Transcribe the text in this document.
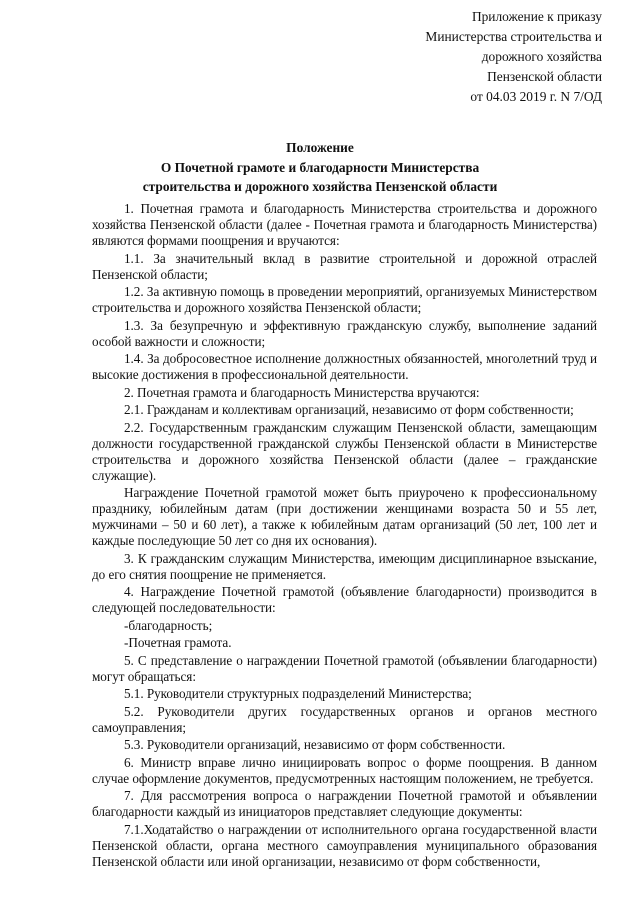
Приложение к приказу
Министерства строительства и
дорожного хозяйства
Пензенской области
от 04.03 2019 г. N 7/ОД
Положение
О Почетной грамоте и благодарности Министерства
строительства и дорожного хозяйства Пензенской области

1. Почетная грамота и благодарность Министерства строительства и дорожного хозяйства Пензенской области (далее - Почетная грамота и благодарность Министерства) являются формами поощрения и вручаются:

1.1. За значительный вклад в развитие строительной и дорожной отраслей Пензенской области;

1.2. За активную помощь в проведении мероприятий, организуемых Министерством строительства и дорожного хозяйства Пензенской области;

1.3. За безупречную и эффективную гражданскую службу, выполнение заданий особой важности и сложности;

1.4. За добросовестное исполнение должностных обязанностей, многолетний труд и высокие достижения в профессиональной деятельности.

2. Почетная грамота и благодарность Министерства вручаются:

2.1. Гражданам и коллективам организаций, независимо от форм собственности;

2.2. Государственным гражданским служащим Пензенской области, замещающим должности государственной гражданской службы Пензенской области в Министерстве строительства и дорожного хозяйства Пензенской области (далее – гражданские служащие).

Награждение Почетной грамотой может быть приурочено к профессиональному празднику, юбилейным датам (при достижении женщинами возраста 50 и 55 лет, мужчинами – 50 и 60 лет), а также к юбилейным датам организаций (50 лет, 100 лет и каждые последующие 50 лет со дня их основания).

3. К гражданским служащим Министерства, имеющим дисциплинарное взыскание, до его снятия поощрение не применяется.

4. Награждение Почетной грамотой (объявление благодарности) производится в следующей последовательности:

-благодарность;

-Почетная грамота.

5. С представление о награждении Почетной грамотой (объявлении благодарности) могут обращаться:

5.1. Руководители структурных подразделений Министерства;

5.2. Руководители других государственных органов и органов местного самоуправления;

5.3. Руководители организаций, независимо от форм собственности.

6. Министр вправе лично инициировать вопрос о форме поощрения. В данном случае оформление документов, предусмотренных настоящим положением, не требуется.

7. Для рассмотрения вопроса о награждении Почетной грамотой и объявлении благодарности каждый из инициаторов представляет следующие документы:

7.1.Ходатайство о награждении от исполнительного органа государственной власти Пензенской области, органа местного самоуправления муниципального образования Пензенской области или иной организации, независимо от форм собственности,
